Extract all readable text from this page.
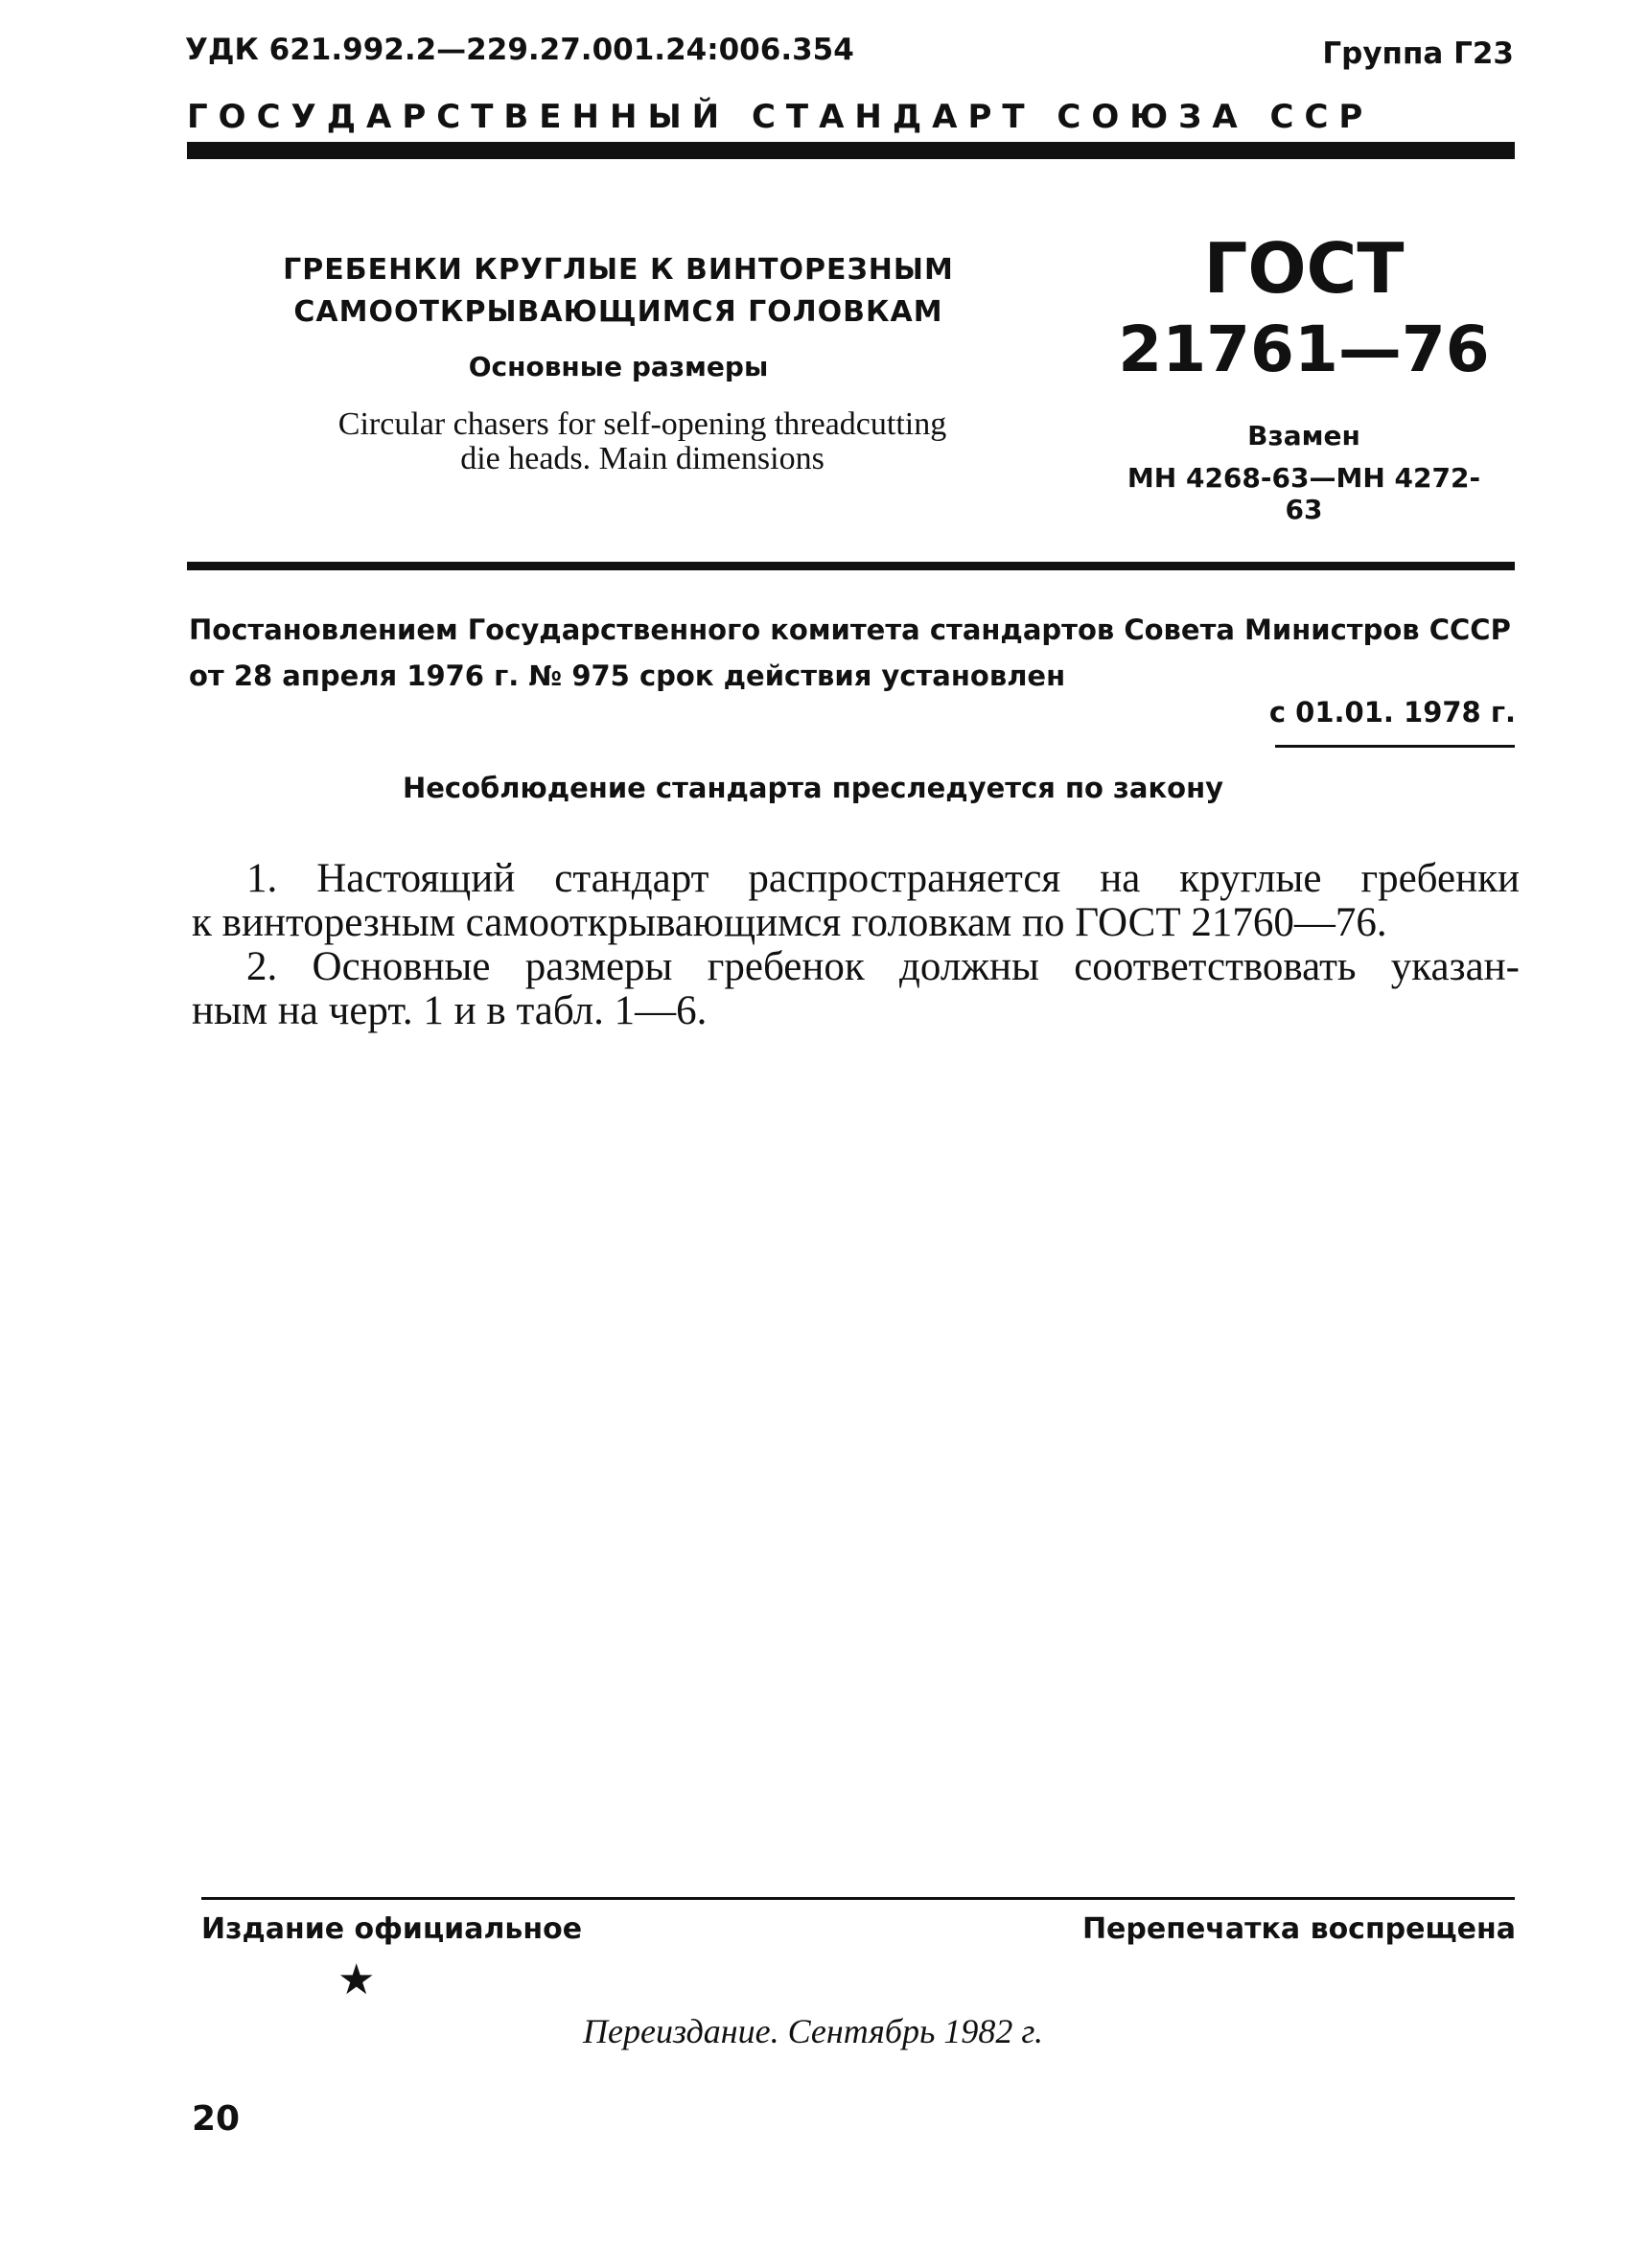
УДК 621.992.2—229.27.001.24:006.354	Группа Г23
ГОСУДАРСТВЕННЫЙ СТАНДАРТ СОЮЗА ССР
ГРЕБЕНКИ КРУГЛЫЕ К ВИНТОРЕЗНЫМ
САМООТКРЫВАЮЩИМСЯ ГОЛОВКАМ
Основные размеры
Circular chasers for self-opening threadcutting
die heads. Main dimensions
ГОСТ
21761—76
Взамен
МН 4268-63—МН 4272-63
Постановлением Государственного комитета стандартов Совета Министров СССР
от 28 апреля 1976 г. № 975 срок действия установлен
с 01.01. 1978 г.
Несоблюдение стандарта преследуется по закону
1. Настоящий стандарт распространяется на круглые гребенки
к винторезным самооткрывающимся головкам по ГОСТ 21760—76.
2. Основные размеры гребенок должны соответствовать указан-
ным на черт. 1 и в табл. 1—6.
Издание официальное	Перепечатка воспрещена
★
Переиздание. Сентябрь 1982 г.
20
